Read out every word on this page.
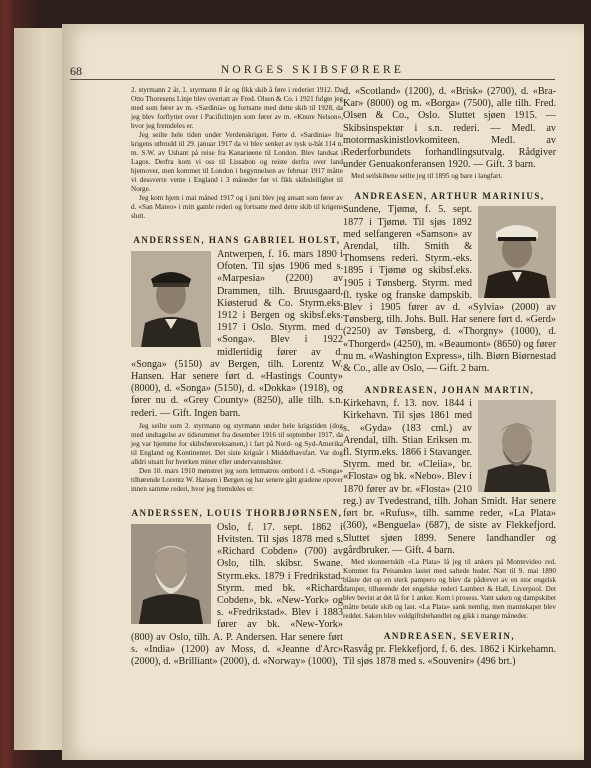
68	NORGES SKIBSFØRERE

2. styrmann 2 år, 1. styrmann 8 år og fikk skib å føre i rederiet 1912. Da Otto Thoresens Linje blev overtatt av Fred. Olsen & Co. i 1921 fulgte jeg med som fører av m. «Sardinia» og fortsatte med dette skib til 1928, da jeg blev forflyttet over i Pacificlinjen som fører av m. «Knute Nelson», hvor jeg fremdeles er.

Jeg seilte hele tiden under Verdenskrigen. Førte d. «Sardinia» fra krigens utbrudd til 29. januar 1917 da vi blev senket av tysk u-båt 114 n. m. S.W. av Ushant på reise fra Kanariøene til London. Blev landsat i Lagos. Derfra kom vi oss til Lissabon og reiste derfra over land hjemover, men kommet til London i begynnelsen av februar 1917 måtte vi dessverre vente i England i 3 måneder før vi fikk skibsleilighet til Norge.

Jeg kom hjem i mai måned 1917 og i juni blev jeg ansatt som fører av d. «San Mateo» i mitt gamle rederi og fortsatte med dette skib til krigens slutt.

ANDERSSEN, HANS GABRIEL HOLST,

Antwerpen, f. 16. mars 1890 i Ofoten. Til sjøs 1906 med s. «Marpesia» (2200) av Drammen, tilh. Bruusgaard, Kiøsterud & Co. Styrm.eks. 1912 i Bergen og skibsf.eks. 1917 i Oslo. Styrm. med d. «Songa». Blev i 1922 midlertidig fører av d. «Songa» (5150) av Bergen, tilh. Lorentz W. Hansen. Har senere ført d. «Hastings County» (8000), d. «Songa» (5150), d. «Dokka» (1918), og fører nu d. «Grey County» (8250), alle tilh. s.n. rederi. — Gift. Ingen barn.

Jeg seilte som 2. styrmann og styrmann under hele krigstiden (dog med undtagelse av tidsrummet fra desember 1916 til september 1917, da jeg var hjemme for skibsførereksamen,) i fart på Nord- og Syd-Amerika til England og Kontinentet. Det siste krigsår i Middelhavsfart. Var dog alldri utsatt for hverken miner eller undervannsbåter.

Den 10. mars 1910 mønstret jeg som lettmatros ombord i d. «Songa» tilhørende Lorentz W. Hansen i Bergen og har senere gått gradene opover innen samme rederi, hvor jeg fremdeles er.

ANDERSSEN, LOUIS THORBJØRNSEN,

Oslo, f. 17. sept. 1862 i Hvitsten. Til sjøs 1878 med s. «Richard Cobden» (700) av Oslo, tilh. skibsr. Swane. Styrm.eks. 1879 i Fredrikstad. Styrm. med bk. «Richard Cobden», bk. «New-York» og s. «Fredrikstad». Blev i 1883 fører av bk. «New-York» (800) av Oslo, tilh. A. P. Andersen. Har senere ført s. «India» (1200) av Moss, d. «Jeanne d'Arc» (2000), d. «Brilliant» (2000), d. «Norway» (1000),

d. «Scotland» (1200), d. «Brisk» (2700), d. «Bra-Kar» (8000) og m. «Borga» (7500), alle tilh. Fred. Olsen & Co., Oslo. Sluttet sjøen 1915. — Skibsinspektør i s.n. rederi. — Medl. av motormaskinistlovkomiteen. Medl. av Rederforbundets forhandlingsutvalg. Rådgiver under Genuakonferansen 1920. — Gift. 3 barn.

Med seilskibene seilte jeg til 1895 og bare i langfart.

ANDREASEN, ARTHUR MARINIUS,

Sundene, Tjømø, f. 5. sept. 1877 i Tjømø. Til sjøs 1892 med selfangeren «Samson» av Arendal, tilh. Smith & Thomsens rederi. Styrm.-eks. 1895 i Tjømø og skibsf.eks. 1905 i Tønsberg. Styrm. med fl. tyske og franske dampskib. Blev i 1905 fører av d. «Sylvia» (2000) av Tønsberg, tilh. Johs. Bull. Har senere ført d. «Gerd» (2250) av Tønsberg, d. «Thorgny» (1000), d. «Thorgerd» (4250), m. «Beaumont» (8650) og fører nu m. «Washington Express», tilh. Biørn Biørnestad & Co., alle av Oslo, — Gift. 2 barn.

ANDREASEN, JOHAN MARTIN,

Kirkehavn, f. 13. nov. 1844 i Kirkehavn. Til sjøs 1861 med s. «Gyda» (183 cml.) av Arendal, tilh. Stian Eriksen m. fl. Styrm.eks. 1866 i Stavanger. Styrm. med br. «Cleiia», br. «Flosta» og bk. «Nebo». Blev i 1870 fører av br. «Flosta» (210 reg.) av Tvedestrand, tilh. Johan Smidt. Har senere ført br. «Rufus», tilh. samme reder, «La Plata» (360), «Benguela» (687), de siste av Flekkefjord. Sluttet sjøen 1899. Senere landhandler og gårdbruker. — Gift. 4 barn.

Med skonnertskib «La Plata» lå jeg til ankers på Montevideo red. Kommet fra Peisanden lastet med saltede huder. Natt til 9. mai 1890 blåste det op en sterk pampero og blev da pådrevet av en stor engelsk damper, tilhørende det engelske rederi Lambert & Hall, Liverpool. Det blev bevist at det lå for 1 anker. Kom i prosess. Vant saken og dampskibet måtte betale skib og last. «La Plata» sank nemlig, men mannskapet blev reddet. Saken blev voldgiftsbehandlet og gikk i mange måneder.

ANDREASEN, SEVERIN,

Rasvåg pr. Flekkefjord, f. 6. des. 1862 i Kirkehamn. Til sjøs 1878 med s. «Souvenir» (496 brt.)
